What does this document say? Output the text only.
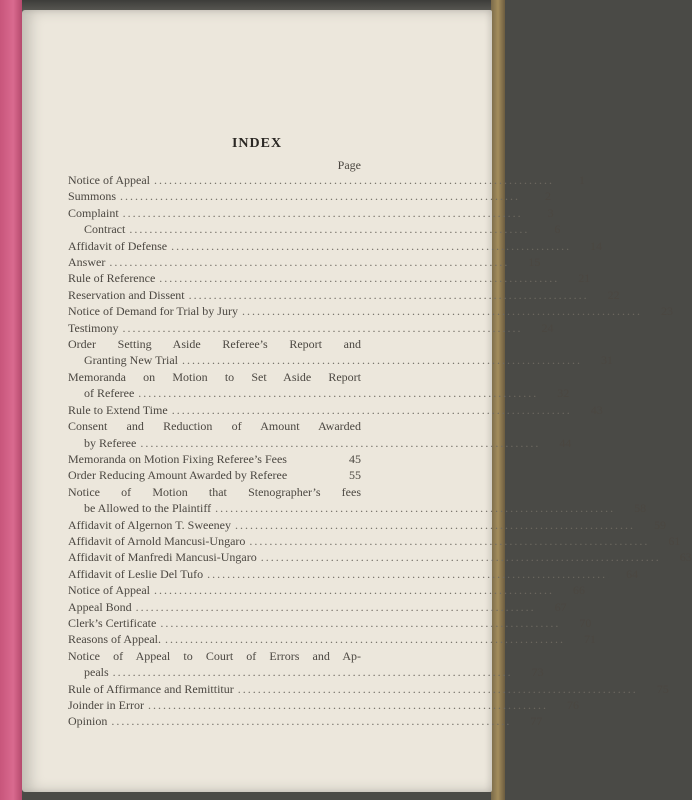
INDEX
Page
Notice of Appeal ................................................................................	1
Summons ................................................................................	2
Complaint ................................................................................	3
Contract ................................................................................	6
Affidavit of Defense ................................................................................	14
Answer ................................................................................	15
Rule of Reference ................................................................................	21
Reservation and Dissent ................................................................................	22
Notice of Demand for Trial by Jury ................................................................................	23
Testimony ................................................................................	24
Order Setting Aside Referee’s Report and
Granting New Trial ................................................................................	31
Memoranda on Motion to Set Aside Report
of Referee ................................................................................	32
Rule to Extend Time ................................................................................	43
Consent and Reduction of Amount Awarded
by Referee ................................................................................	44
Memoranda on Motion Fixing Referee’s Fees	45
Order Reducing Amount Awarded by Referee	55
Notice of Motion that Stenographer’s fees
be Allowed to the Plaintiff ................................................................................	58
Affidavit of Algernon T. Sweeney ................................................................................	59
Affidavit of Arnold Mancusi-Ungaro ................................................................................	61
Affidavit of Manfredi Mancusi-Ungaro ................................................................................	63
Affidavit of Leslie Del Tufo ................................................................................	64
Notice of Appeal ................................................................................	66
Appeal Bond ................................................................................	67
Clerk’s Certificate ................................................................................	70
Reasons of Appeal. ................................................................................	71
Notice of Appeal to Court of Errors and Ap-
peals ................................................................................	73
Rule of Affirmance and Remittitur ................................................................................	75
Joinder in Error ................................................................................	76
Opinion ................................................................................	77
